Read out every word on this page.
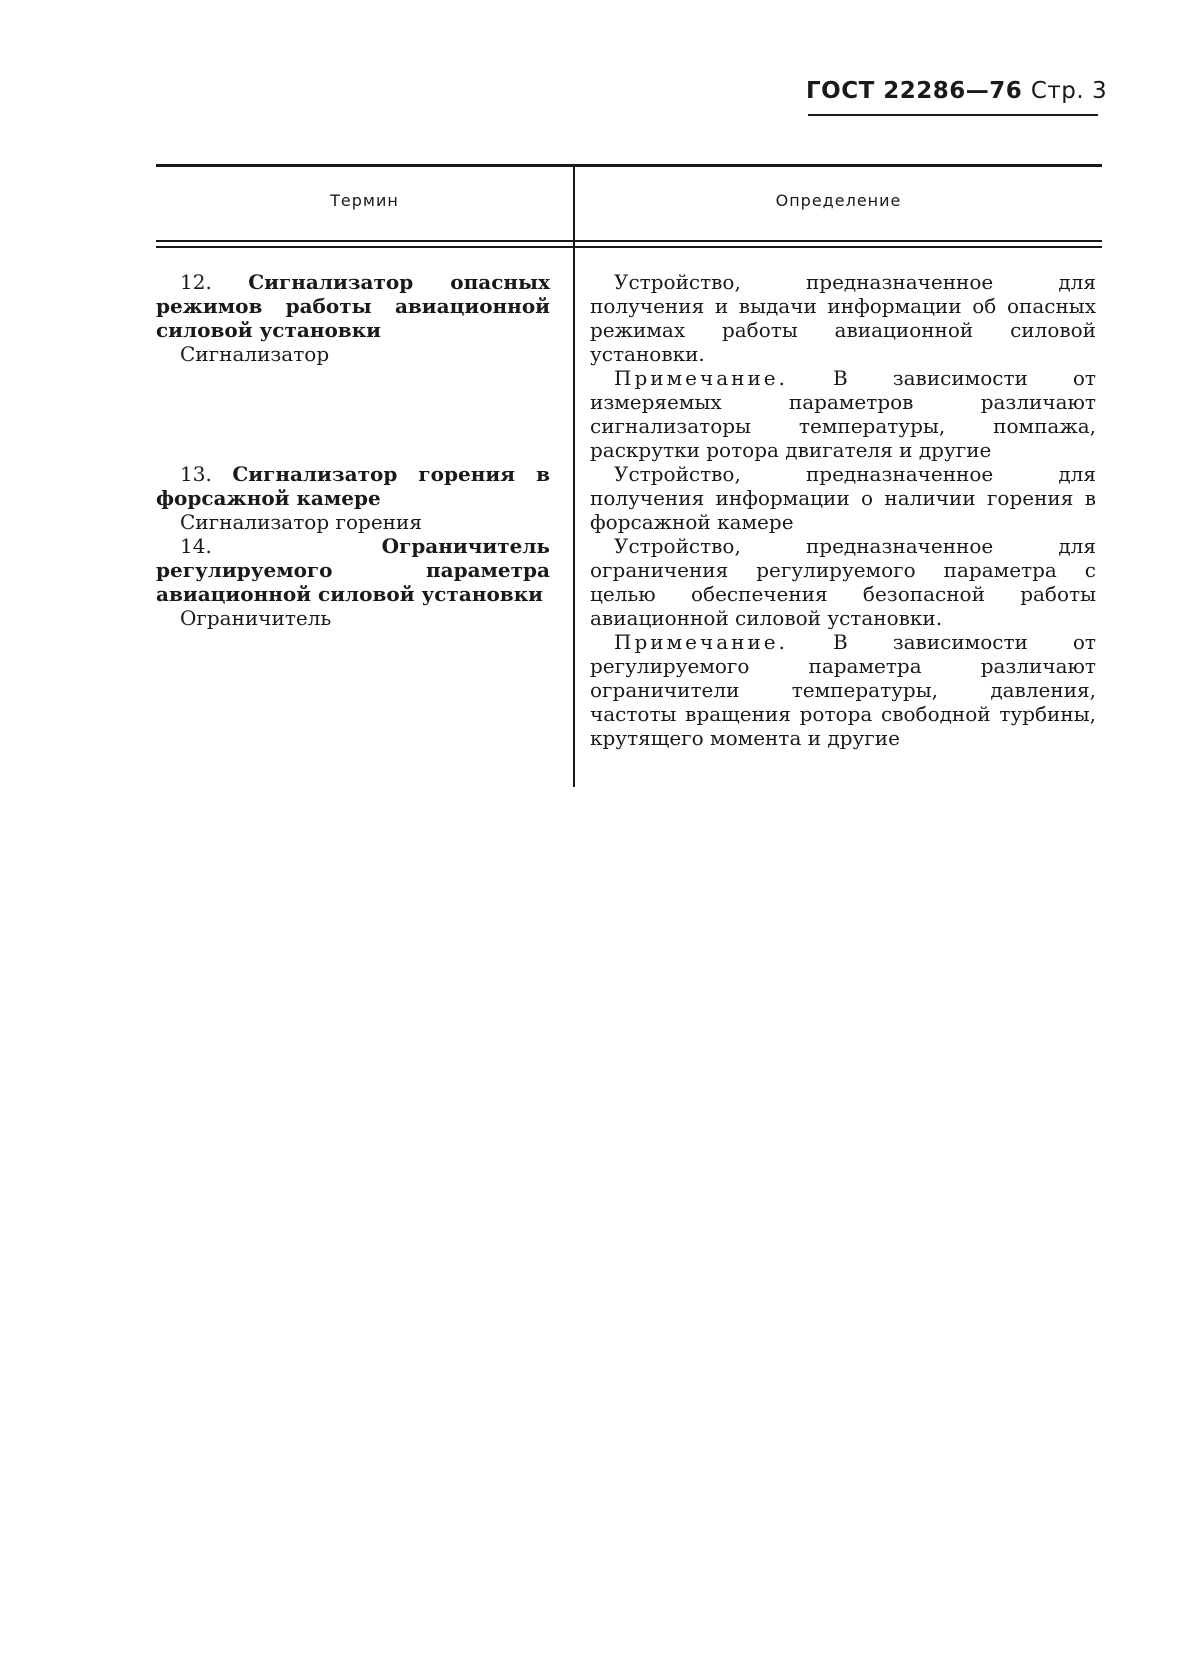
ГОСТ 22286—76 Стр. 3
Термин	Определение

12. Сигнализатор опасных режимов работы авиационной силовой установки

Сигнализатор

Устройство, предназначенное для получения и выдачи информации об опасных режимах работы авиационной силовой установки.

Примечание. В зависимости от измеряемых параметров различают сигнализаторы температуры, помпажа, раскрутки ротора двигателя и другие

13. Сигнализатор горения в форсажной камере

Сигнализатор горения

Устройство, предназначенное для получения информации о наличии горения в форсажной камере

14.	Ограничитель регулируемого параметра авиационной силовой установки

Ограничитель

Устройство, предназначенное для ограничения регулируемого параметра с целью обеспечения безопасной работы авиационной силовой установки.

Примечание. В зависимости от регулируемого параметра различают ограничители температуры, давления, частоты вращения ротора свободной турбины, крутящего момента и другие
